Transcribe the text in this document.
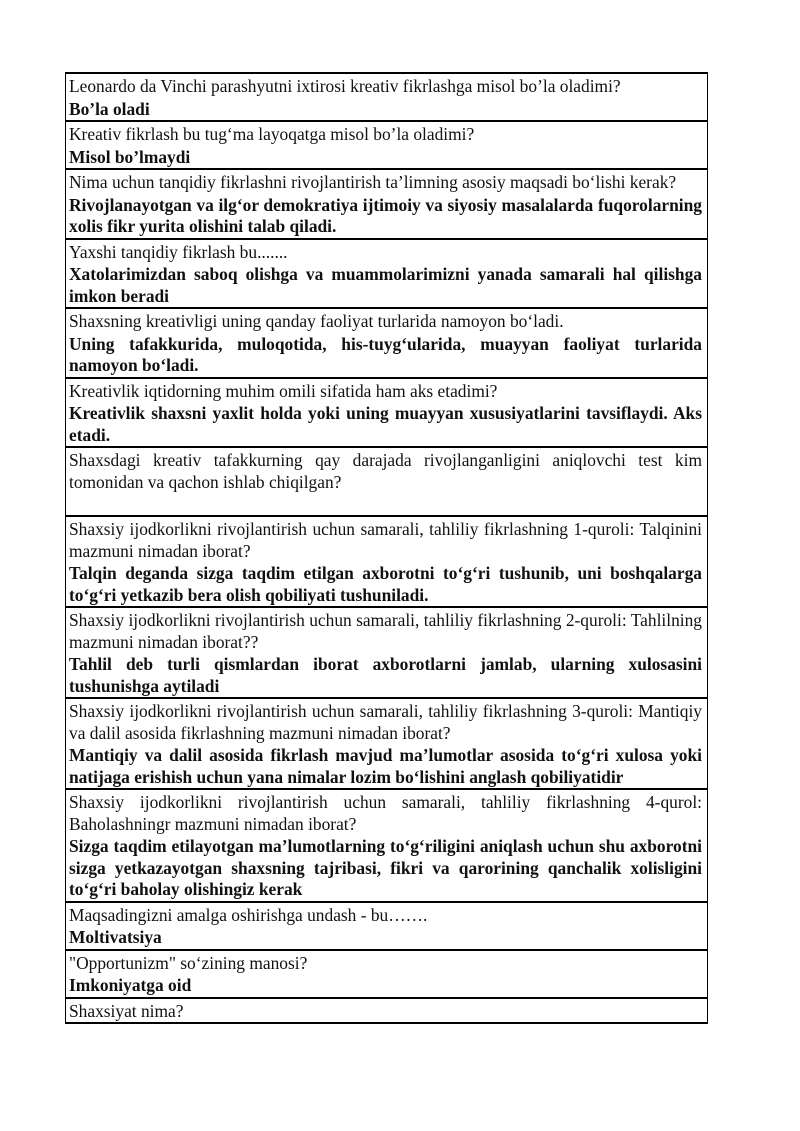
Leonardo da Vinchi parashyutni ixtirosi kreativ fikrlashga misol bo’la oladimi?
Bo’la oladi
Kreativ fikrlash bu tug‘ma layoqatga misol bo’la oladimi?
Misol bo’lmaydi
Nima uchun tanqidiy fikrlashni rivojlantirish ta’limning asosiy maqsadi bo‘lishi kerak?
Rivojlanayotgan va ilg‘or demokratiya ijtimoiy va siyosiy masalalarda fuqorolarning xolis fikr yurita olishini talab qiladi.
Yaxshi tanqidiy fikrlash bu.......
Xatolarimizdan saboq olishga va muammolarimizni yanada samarali hal qilishga imkon beradi
Shaxsning kreativligi uning qanday faoliyat turlarida namoyon bo‘ladi.
Uning tafakkurida, muloqotida, his-tuyg‘ularida, muayyan faoliyat turlarida namoyon bo‘ladi.
Kreativlik iqtidorning muhim omili sifatida ham aks etadimi?
Kreativlik shaxsni yaxlit holda yoki uning muayyan xususiyatlarini tavsiflaydi. Aks etadi.
Shaxsdagi kreativ tafakkurning qay darajada rivojlanganligini aniqlovchi test kim tomonidan va qachon ishlab chiqilgan?
Shaxsiy ijodkorlikni rivojlantirish uchun samarali, tahliliy fikrlashning 1-quroli: Talqinini mazmuni nimadan iborat?
Talqin deganda sizga taqdim etilgan axborotni to‘g‘ri tushunib, uni boshqalarga to‘g‘ri yetkazib bera olish qobiliyati tushuniladi.
Shaxsiy ijodkorlikni rivojlantirish uchun samarali, tahliliy fikrlashning 2-quroli: Tahlilning mazmuni nimadan iborat??
Tahlil deb turli qismlardan iborat axborotlarni jamlab, ularning xulosasini tushunishga aytiladi
Shaxsiy ijodkorlikni rivojlantirish uchun samarali, tahliliy fikrlashning 3-quroli: Mantiqiy va dalil asosida fikrlashning mazmuni nimadan iborat?
Mantiqiy va dalil asosida fikrlash mavjud ma’lumotlar asosida to‘g‘ri xulosa yoki natijaga erishish uchun yana nimalar lozim bo‘lishini anglash qobiliyatidir
Shaxsiy ijodkorlikni rivojlantirish uchun samarali, tahliliy fikrlashning 4-qurol: Baholashningr mazmuni nimadan iborat?
Sizga taqdim etilayotgan ma’lumotlarning to‘g‘riligini aniqlash uchun shu axborotni sizga yetkazayotgan shaxsning tajribasi, fikri va qarorining qanchalik xolisligini to‘g‘ri baholay olishingiz kerak
Maqsadingizni amalga oshirishga undash - bu…….
Moltivatsiya
"Opportunizm" so‘zining manosi?
Imkoniyatga oid
Shaxsiyat nima?
